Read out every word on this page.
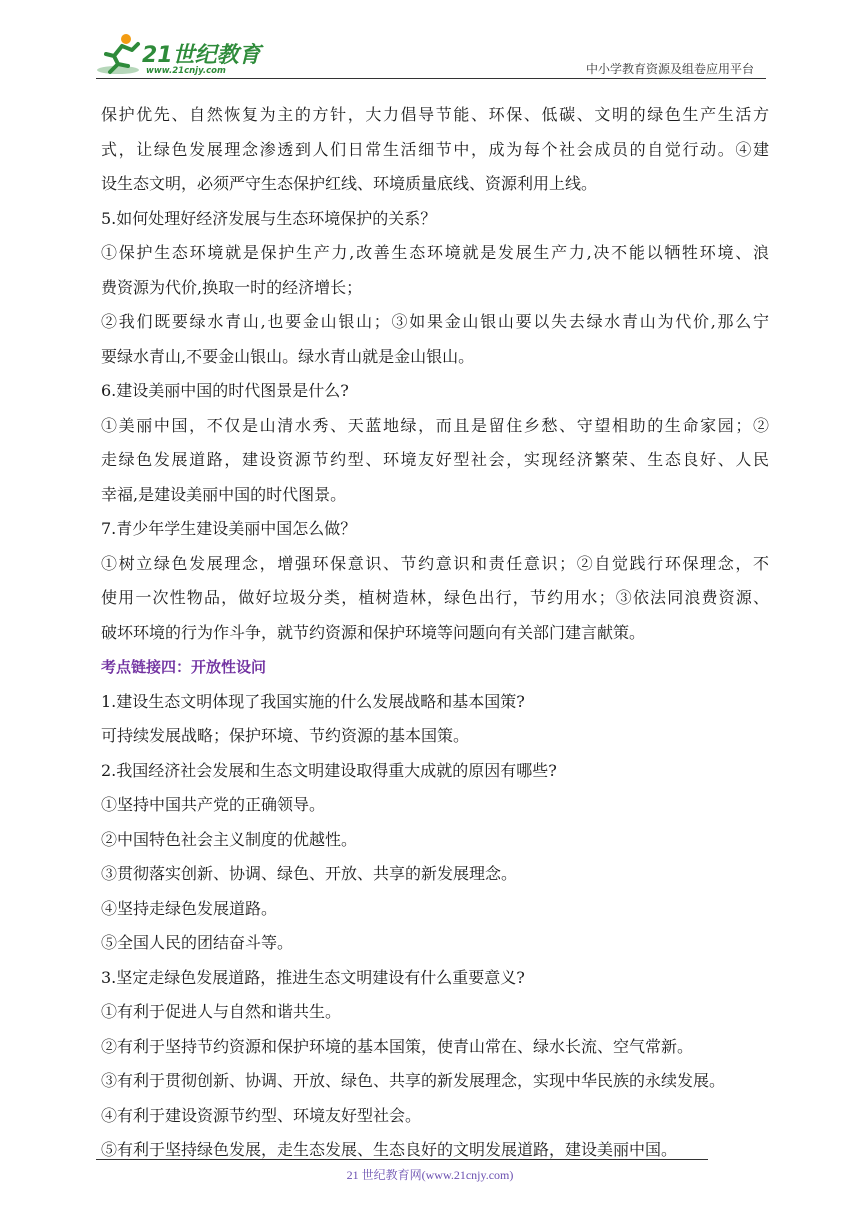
21世纪教育
www.21cnjy.com	中小学教育资源及组卷应用平台
保护优先、自然恢复为主的方针，大力倡导节能、环保、低碳、文明的绿色生产生活方
式，让绿色发展理念渗透到人们日常生活细节中，成为每个社会成员的自觉行动。④建
设生态文明，必须严守生态保护红线、环境质量底线、资源利用上线。
5.如何处理好经济发展与生态环境保护的关系？
①保护生态环境就是保护生产力,改善生态环境就是发展生产力,决不能以牺牲环境、浪
费资源为代价,换取一时的经济增长；
②我们既要绿水青山,也要金山银山；③如果金山银山要以失去绿水青山为代价,那么宁
要绿水青山,不要金山银山。绿水青山就是金山银山。
6.建设美丽中国的时代图景是什么?
①美丽中国，不仅是山清水秀、天蓝地绿，而且是留住乡愁、守望相助的生命家园；②
走绿色发展道路，建设资源节约型、环境友好型社会，实现经济繁荣、生态良好、人民
幸福,是建设美丽中国的时代图景。
7.青少年学生建设美丽中国怎么做？
①树立绿色发展理念，增强环保意识、节约意识和责任意识；②自觉践行环保理念，不
使用一次性物品，做好垃圾分类，植树造林，绿色出行，节约用水；③依法同浪费资源、
破坏环境的行为作斗争，就节约资源和保护环境等问题向有关部门建言献策。
考点链接四：开放性设问
1.建设生态文明体现了我国实施的什么发展战略和基本国策?
可持续发展战略；保护环境、节约资源的基本国策。
2.我国经济社会发展和生态文明建设取得重大成就的原因有哪些?
①坚持中国共产党的正确领导。
②中国特色社会主义制度的优越性。
③贯彻落实创新、协调、绿色、开放、共享的新发展理念。
④坚持走绿色发展道路。
⑤全国人民的团结奋斗等。
3.坚定走绿色发展道路，推进生态文明建设有什么重要意义?
①有利于促进人与自然和谐共生。
②有利于坚持节约资源和保护环境的基本国策，使青山常在、绿水长流、空气常新。
③有利于贯彻创新、协调、开放、绿色、共享的新发展理念，实现中华民族的永续发展。
④有利于建设资源节约型、环境友好型社会。
⑤有利于坚持绿色发展，走生态发展、生态良好的文明发展道路，建设美丽中国。
21 世纪教育网(www.21cnjy.com)
